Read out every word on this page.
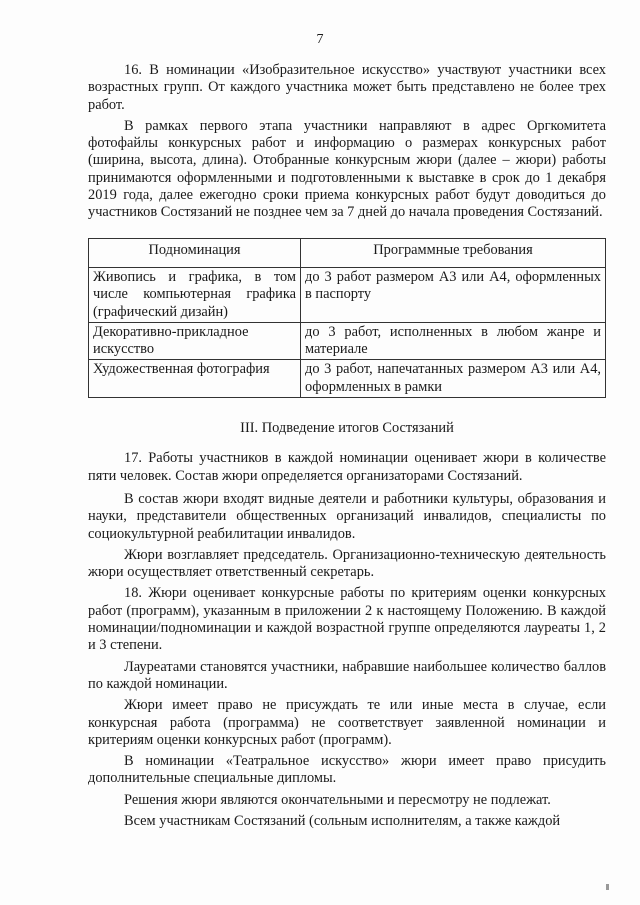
7

16. В номинации «Изобразительное искусство» участвуют участники всех возрастных групп. От каждого участника может быть представлено не более трех работ.

В рамках первого этапа участники направляют в адрес Оргкомитета фотофайлы конкурсных работ и информацию о размерах конкурсных работ (ширина, высота, длина). Отобранные конкурсным жюри (далее – жюри) работы принимаются оформленными и подготовленными к выставке в срок до 1 декабря 2019 года, далее ежегодно сроки приема конкурсных работ будут доводиться до участников Состязаний не позднее чем за 7 дней до начала проведения Состязаний.

Подноминация	Программные требования
Живопись и графика, в том числе компьютерная графика (графический дизайн)	до 3 работ размером А3 или А4, оформленных в паспорту
Декоративно-прикладное искусство	до 3 работ, исполненных в любом жанре и материале
Художественная фотография	до 3 работ, напечатанных размером А3 или А4, оформленных в рамки

III. Подведение итогов Состязаний

17. Работы участников в каждой номинации оценивает жюри в количестве пяти человек. Состав жюри определяется организаторами Состязаний.

В состав жюри входят видные деятели и работники культуры, образования и науки, представители общественных организаций инвалидов, специалисты по социокультурной реабилитации инвалидов.

Жюри возглавляет председатель. Организационно-техническую деятельность жюри осуществляет ответственный секретарь.

18. Жюри оценивает конкурсные работы по критериям оценки конкурсных работ (программ), указанным в приложении 2 к настоящему Положению. В каждой номинации/подноминации и каждой возрастной группе определяются лауреаты 1, 2 и 3 степени.

Лауреатами становятся участники, набравшие наибольшее количество баллов по каждой номинации.

Жюри имеет право не присуждать те или иные места в случае, если конкурсная работа (программа) не соответствует заявленной номинации и критериям оценки конкурсных работ (программ).

В номинации «Театральное искусство» жюри имеет право присудить дополнительные специальные дипломы.

Решения жюри являются окончательными и пересмотру не подлежат.

Всем участникам Состязаний (сольным исполнителям, а также каждой
